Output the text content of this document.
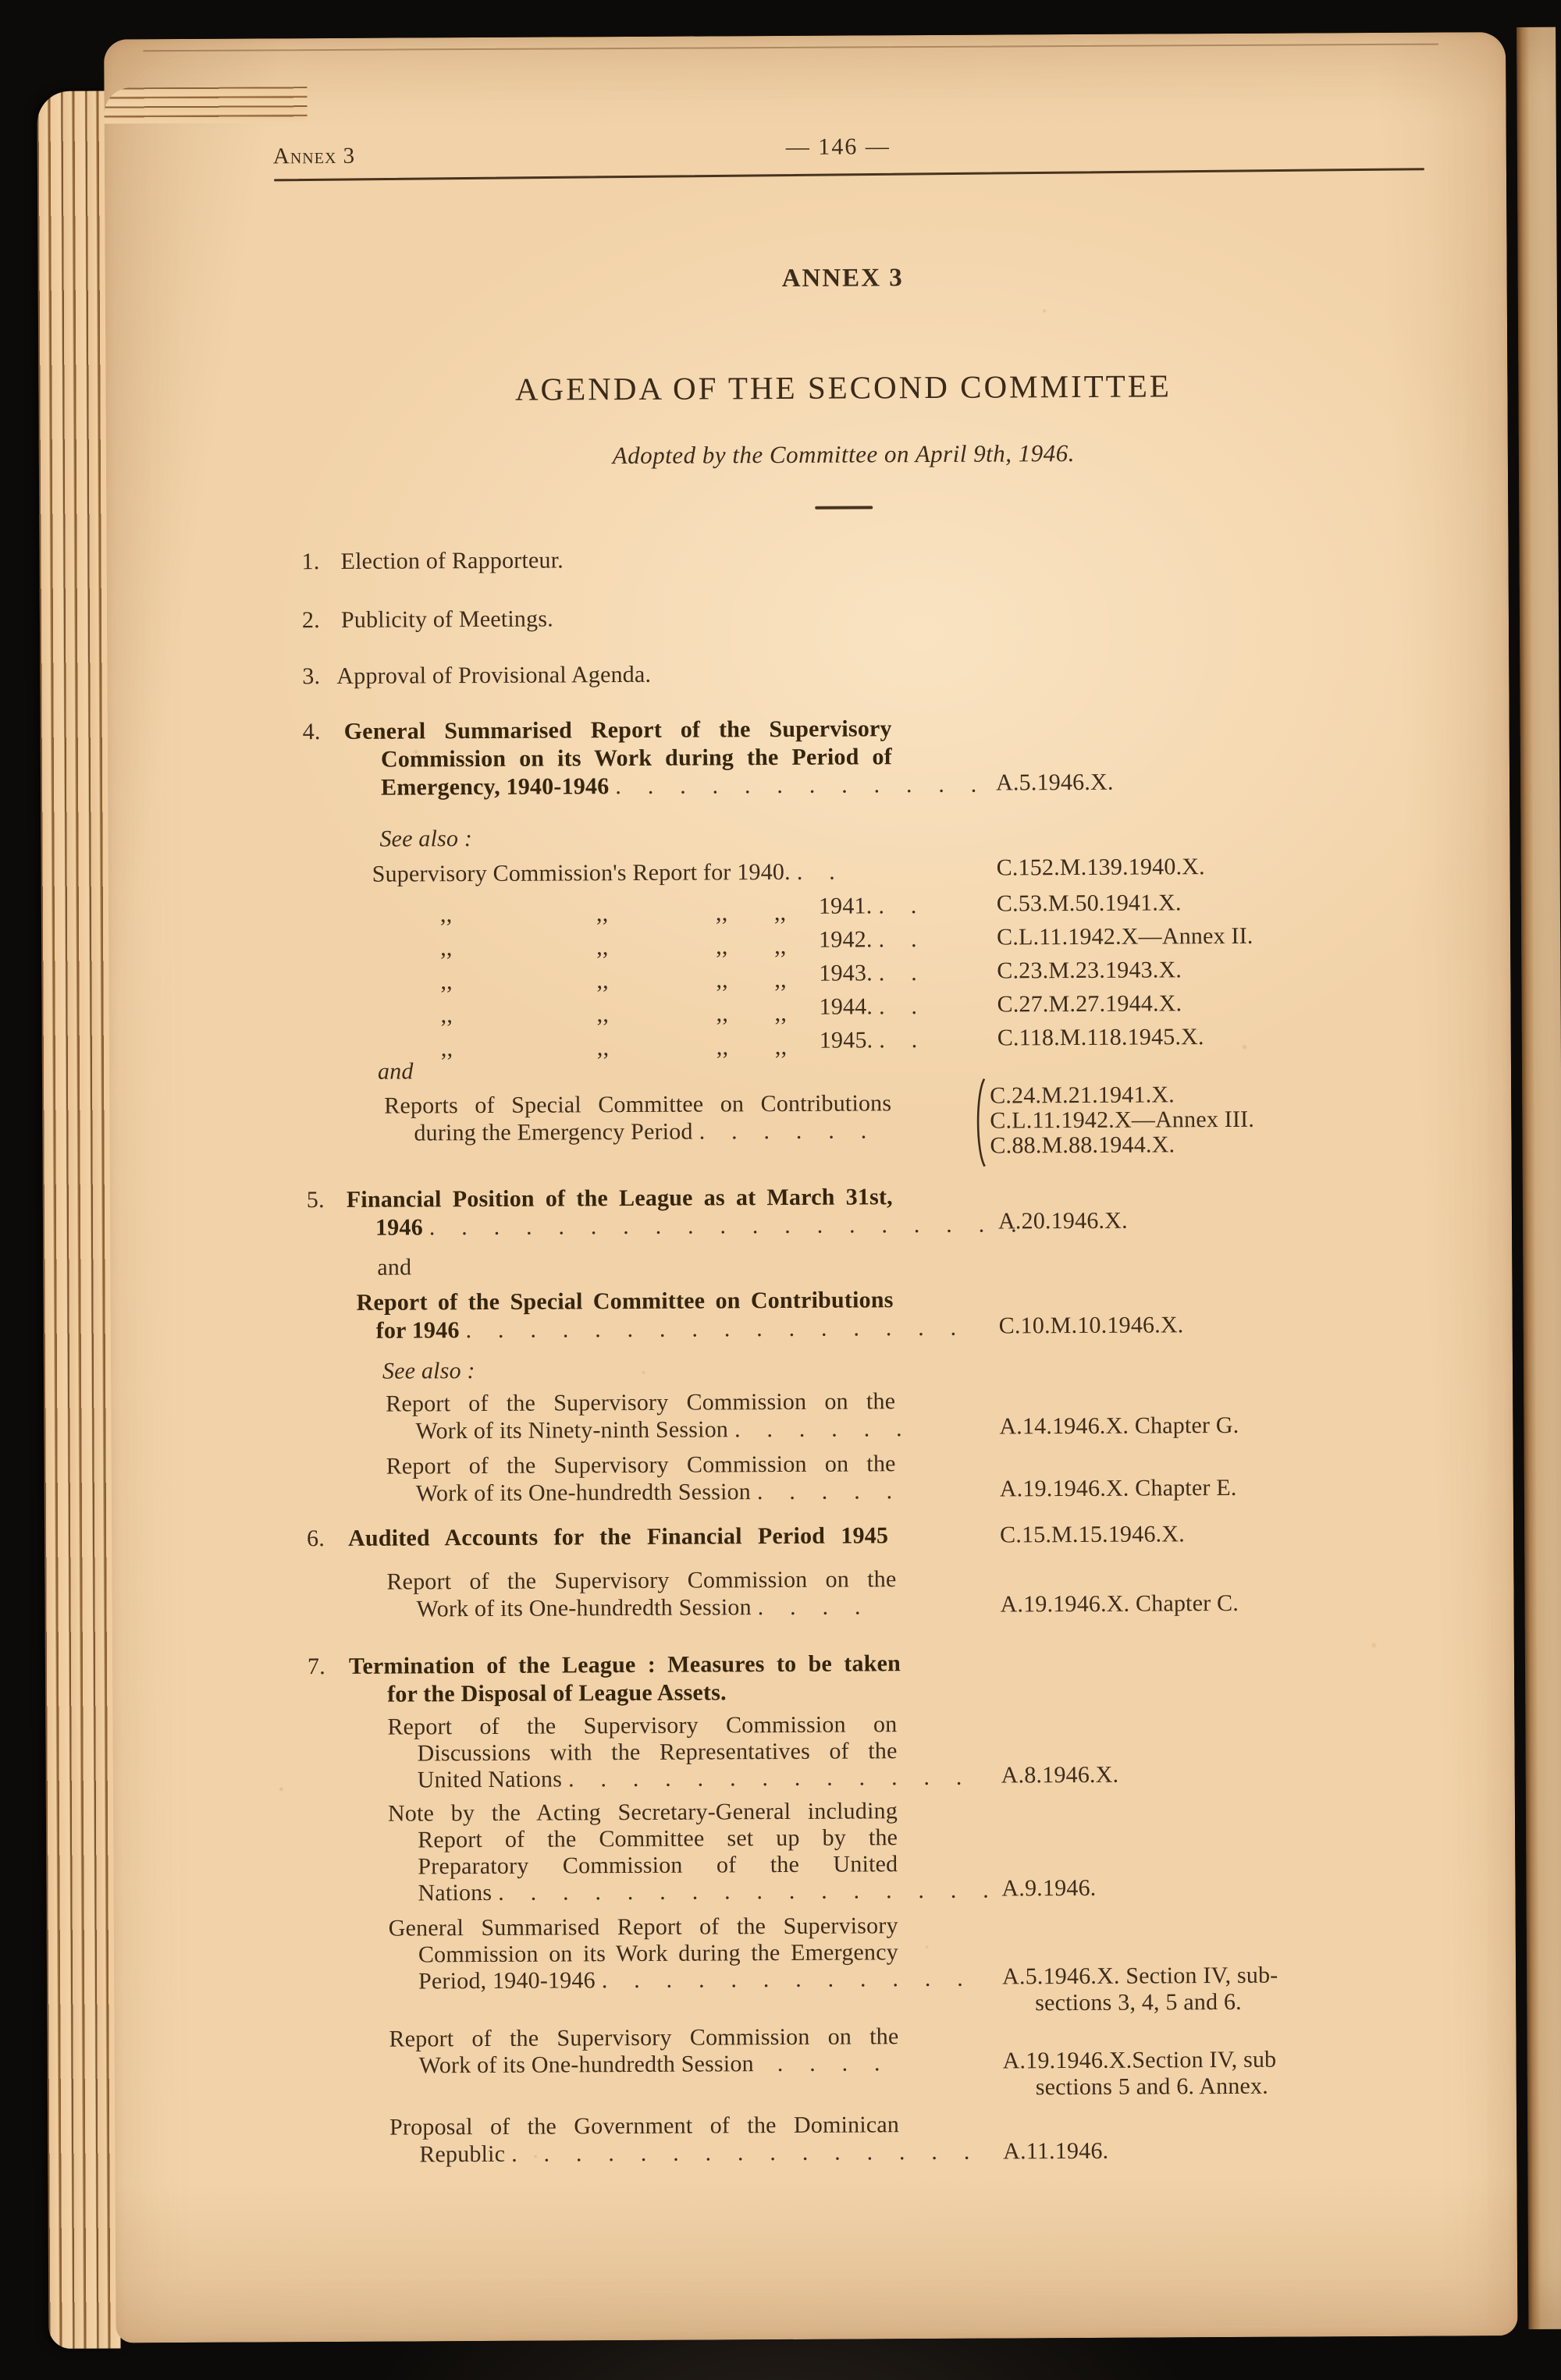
Annex 3	— 146 —
ANNEX 3
AGENDA OF THE SECOND COMMITTEE
Adopted by the Committee on April 9th, 1946.
1. Election of Rapporteur.
2. Publicity of Meetings.
3. Approval of Provisional Agenda.
4. General Summarised Report of the Supervisory
Commission on its Work during the Period of
Emergency, 1940-1946 . . . . . . . . . . . . A.5.1946.X.
See also :
Supervisory Commission's Report for 1940. . .	C.152.M.139.1940.X.
,,	,,	,, ,, 1941. . .	C.53.M.50.1941.X.
,,	,,	,, ,, 1942. . .	C.L.11.1942.X—Annex II.
,,	,,	,, ,, 1943. . .	C.23.M.23.1943.X.
,,	,,	,, ,, 1944. . .	C.27.M.27.1944.X.
,,	,,	,, ,, 1945. . .	C.118.M.118.1945.X.
and
Reports of Special Committee on Contributions
during the Emergency Period . . . . . .
C.24.M.21.1941.X.
C.L.11.1942.X—Annex III.
C.88.M.88.1944.X.
5. Financial Position of the League as at March 31st,
1946 . . . . . . . . . . . . . . . . . . .
A.20.1946.X.
and
Report of the Special Committee on Contributions
for 1946 . . . . . . . . . . . . . . . . C.10.M.10.1946.X.
See also :
Report of the Supervisory Commission on the
Work of its Ninety-ninth Session . . . . . .	A.14.1946.X. Chapter G.
Report of the Supervisory Commission on the
Work of its One-hundredth Session . . . . .	A.19.1946.X. Chapter E.
6. Audited Accounts for the Financial Period 1945	C.15.M.15.1946.X.
Report of the Supervisory Commission on the
Work of its One-hundredth Session . . . .	A.19.1946.X. Chapter C.
7. Termination of the League : Measures to be taken
for the Disposal of League Assets.
Report of the Supervisory Commission on
Discussions with the Representatives of the
United Nations . . . . . . . . . . . . . A.8.1946.X.
Note by the Acting Secretary-General including
Report of the Committee set up by the
Preparatory Commission of the United
Nations . . . . . . . . . . . . . . . . A.9.1946.
General Summarised Report of the Supervisory
Commission on its Work during the Emergency
Period, 1940-1946 . . . . . . . . . . . . A.5.1946.X. Section IV, sub-
sections 3, 4, 5 and 6.
Report of the Supervisory Commission on the
Work of its One-hundredth Session . . . .	A.19.1946.X.Section IV, sub
sections 5 and 6. Annex.
Proposal of the Government of the Dominican
Republic . . . . . . . . . . . . . . . A.11.1946.
